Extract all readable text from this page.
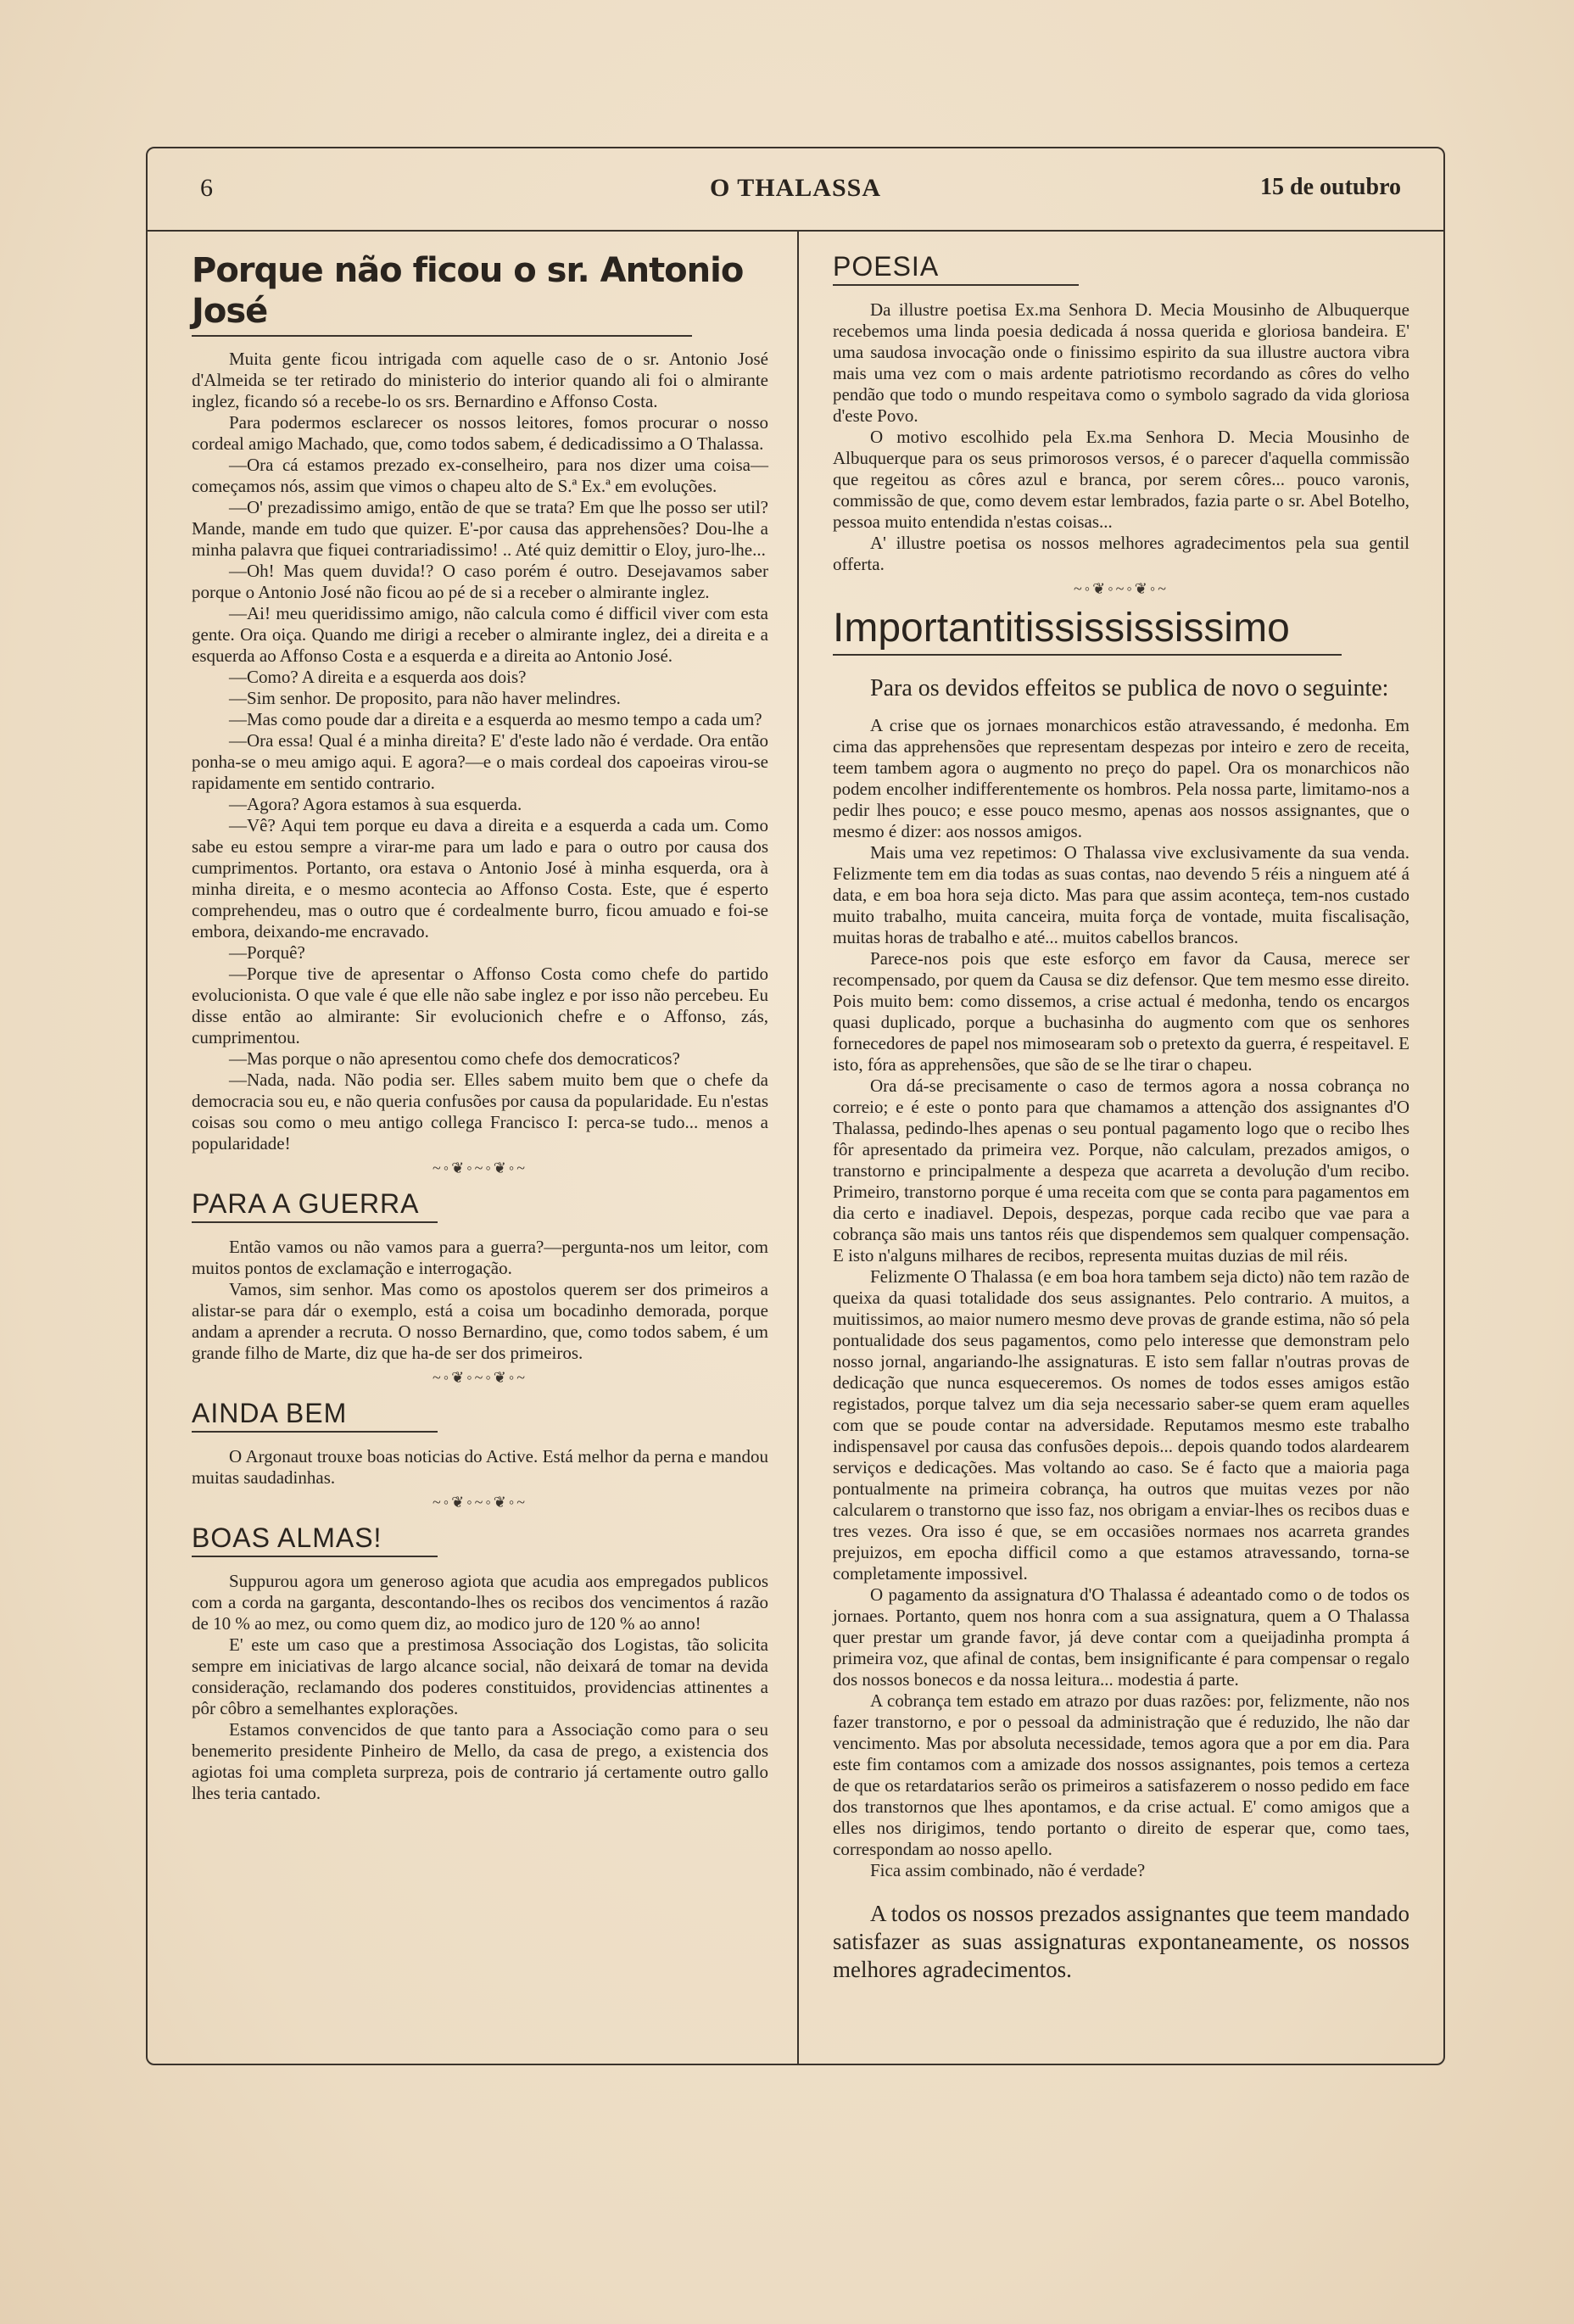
6	O THALASSA	15 de outubro
Porque não ficou o sr. Antonio José

Muita gente ficou intrigada com aquelle caso de o sr. Antonio José d'Almeida se ter retirado do ministerio do interior quando ali foi o almirante inglez, ficando só a recebe-lo os srs. Bernardino e Affonso Costa.

Para podermos esclarecer os nossos leitores, fomos procurar o nosso cordeal amigo Machado, que, como todos sabem, é dedicadissimo a O Thalassa.

—Ora cá estamos prezado ex-conselheiro, para nos dizer uma coisa—começamos nós, assim que vimos o chapeu alto de S.ª Ex.ª em evoluções.

—O' prezadissimo amigo, então de que se trata? Em que lhe posso ser util? Mande, mande em tudo que quizer. E'-por causa das apprehensões? Dou-lhe a minha palavra que fiquei contrariadissimo! .. Até quiz demittir o Eloy, juro-lhe...

—Oh! Mas quem duvida!? O caso porém é outro. Desejavamos saber porque o Antonio José não ficou ao pé de si a receber o almirante inglez.

—Ai! meu queridissimo amigo, não calcula como é difficil viver com esta gente. Ora oiça. Quando me dirigi a receber o almirante inglez, dei a direita e a esquerda ao Affonso Costa e a esquerda e a direita ao Antonio José.

—Como? A direita e a esquerda aos dois?

—Sim senhor. De proposito, para não haver melindres.

—Mas como poude dar a direita e a esquerda ao mesmo tempo a cada um?

—Ora essa! Qual é a minha direita? E' d'este lado não é verdade. Ora então ponha-se o meu amigo aqui. E agora?—e o mais cordeal dos capoeiras virou-se rapidamente em sentido contrario.

—Agora? Agora estamos à sua esquerda.

—Vê? Aqui tem porque eu dava a direita e a esquerda a cada um. Como sabe eu estou sempre a virar-me para um lado e para o outro por causa dos cumprimentos. Portanto, ora estava o Antonio José à minha esquerda, ora à minha direita, e o mesmo acontecia ao Affonso Costa. Este, que é esperto comprehendeu, mas o outro que é cordealmente burro, ficou amuado e foi-se embora, deixando-me encravado.

—Porquê?

—Porque tive de apresentar o Affonso Costa como chefe do partido evolucionista. O que vale é que elle não sabe inglez e por isso não percebeu. Eu disse então ao almirante: Sir evolucionich chefre e o Affonso, zás, cumprimentou.

—Mas porque o não apresentou como chefe dos democraticos?

—Nada, nada. Não podia ser. Elles sabem muito bem que o chefe da democracia sou eu, e não queria confusões por causa da popularidade. Eu n'estas coisas sou como o meu antigo collega Francisco I: perca-se tudo... menos a popularidade!

~◦❦◦~◦❦◦~
PARA A GUERRA

Então vamos ou não vamos para a guerra?—pergunta-nos um leitor, com muitos pontos de exclamação e interrogação.

Vamos, sim senhor. Mas como os apostolos querem ser dos primeiros a alistar-se para dár o exemplo, está a coisa um bocadinho demorada, porque andam a aprender a recruta. O nosso Bernardino, que, como todos sabem, é um grande filho de Marte, diz que ha-de ser dos primeiros.

~◦❦◦~◦❦◦~
AINDA BEM

O Argonaut trouxe boas noticias do Active. Está melhor da perna e mandou muitas saudadinhas.

~◦❦◦~◦❦◦~
BOAS ALMAS!

Suppurou agora um generoso agiota que acudia aos empregados publicos com a corda na garganta, descontando-lhes os recibos dos vencimentos á razão de 10 % ao mez, ou como quem diz, ao modico juro de 120 % ao anno!

E' este um caso que a prestimosa Associação dos Logistas, tão solicita sempre em iniciativas de largo alcance social, não deixará de tomar na devida consideração, reclamando dos poderes constituidos, providencias attinentes a pôr côbro a semelhantes explorações.

Estamos convencidos de que tanto para a Associação como para o seu benemerito presidente Pinheiro de Mello, da casa de prego, a existencia dos agiotas foi uma completa surpreza, pois de contrario já certamente outro gallo lhes teria cantado.

POESIA

Da illustre poetisa Ex.ma Senhora D. Mecia Mousinho de Albuquerque recebemos uma linda poesia dedicada á nossa querida e gloriosa bandeira. E' uma saudosa invocação onde o finissimo espirito da sua illustre auctora vibra mais uma vez com o mais ardente patriotismo recordando as côres do velho pendão que todo o mundo respeitava como o symbolo sagrado da vida gloriosa d'este Povo.

O motivo escolhido pela Ex.ma Senhora D. Mecia Mousinho de Albuquerque para os seus primorosos versos, é o parecer d'aquella commissão que regeitou as côres azul e branca, por serem côres... pouco varonis, commissão de que, como devem estar lembrados, fazia parte o sr. Abel Botelho, pessoa muito entendida n'estas coisas...

A' illustre poetisa os nossos melhores agradecimentos pela sua gentil offerta.

~◦❦◦~◦❦◦~
Importantitississississimo

Para os devidos effeitos se publica de novo o seguinte:

A crise que os jornaes monarchicos estão atravessando, é medonha. Em cima das apprehensões que representam despezas por inteiro e zero de receita, teem tambem agora o augmento no preço do papel. Ora os monarchicos não podem encolher indifferentemente os hombros. Pela nossa parte, limitamo-nos a pedir lhes pouco; e esse pouco mesmo, apenas aos nossos assignantes, que o mesmo é dizer: aos nossos amigos.

Mais uma vez repetimos: O Thalassa vive exclusivamente da sua venda. Felizmente tem em dia todas as suas contas, nao devendo 5 réis a ninguem até á data, e em boa hora seja dicto. Mas para que assim aconteça, tem-nos custado muito trabalho, muita canceira, muita força de vontade, muita fiscalisação, muitas horas de trabalho e até... muitos cabellos brancos.

Parece-nos pois que este esforço em favor da Causa, merece ser recompensado, por quem da Causa se diz defensor. Que tem mesmo esse direito. Pois muito bem: como dissemos, a crise actual é medonha, tendo os encargos quasi duplicado, porque a buchasinha do augmento com que os senhores fornecedores de papel nos mimosearam sob o pretexto da guerra, é respeitavel. E isto, fóra as apprehensões, que são de se lhe tirar o chapeu.

Ora dá-se precisamente o caso de termos agora a nossa cobrança no correio; e é este o ponto para que chamamos a attenção dos assignantes d'O Thalassa, pedindo-lhes apenas o seu pontual pagamento logo que o recibo lhes fôr apresentado da primeira vez. Porque, não calculam, prezados amigos, o transtorno e principalmente a despeza que acarreta a devolução d'um recibo. Primeiro, transtorno porque é uma receita com que se conta para pagamentos em dia certo e inadiavel. Depois, despezas, porque cada recibo que vae para a cobrança são mais uns tantos réis que dispendemos sem qualquer compensação. E isto n'alguns milhares de recibos, representa muitas duzias de mil réis.

Felizmente O Thalassa (e em boa hora tambem seja dicto) não tem razão de queixa da quasi totalidade dos seus assignantes. Pelo contrario. A muitos, a muitissimos, ao maior numero mesmo deve provas de grande estima, não só pela pontualidade dos seus pagamentos, como pelo interesse que demonstram pelo nosso jornal, angariando-lhe assignaturas. E isto sem fallar n'outras provas de dedicação que nunca esqueceremos. Os nomes de todos esses amigos estão registados, porque talvez um dia seja necessario saber-se quem eram aquelles com que se poude contar na adversidade. Reputamos mesmo este trabalho indispensavel por causa das confusões depois... depois quando todos alardearem serviços e dedicações. Mas voltando ao caso. Se é facto que a maioria paga pontualmente na primeira cobrança, ha outros que muitas vezes por não calcularem o transtorno que isso faz, nos obrigam a enviar-lhes os recibos duas e tres vezes. Ora isso é que, se em occasiões normaes nos acarreta grandes prejuizos, em epocha difficil como a que estamos atravessando, torna-se completamente impossivel.

O pagamento da assignatura d'O Thalassa é adeantado como o de todos os jornaes. Portanto, quem nos honra com a sua assignatura, quem a O Thalassa quer prestar um grande favor, já deve contar com a queijadinha prompta á primeira voz, que afinal de contas, bem insignificante é para compensar o regalo dos nossos bonecos e da nossa leitura... modestia á parte.

A cobrança tem estado em atrazo por duas razões: por, felizmente, não nos fazer transtorno, e por o pessoal da administração que é reduzido, lhe não dar vencimento. Mas por absoluta necessidade, temos agora que a por em dia. Para este fim contamos com a amizade dos nossos assignantes, pois temos a certeza de que os retardatarios serão os primeiros a satisfazerem o nosso pedido em face dos transtornos que lhes apontamos, e da crise actual. E' como amigos que a elles nos dirigimos, tendo portanto o direito de esperar que, como taes, correspondam ao nosso apello.

Fica assim combinado, não é verdade?

A todos os nossos prezados assignantes que teem mandado satisfazer as suas assignaturas expontaneamente, os nossos melhores agradecimentos.
